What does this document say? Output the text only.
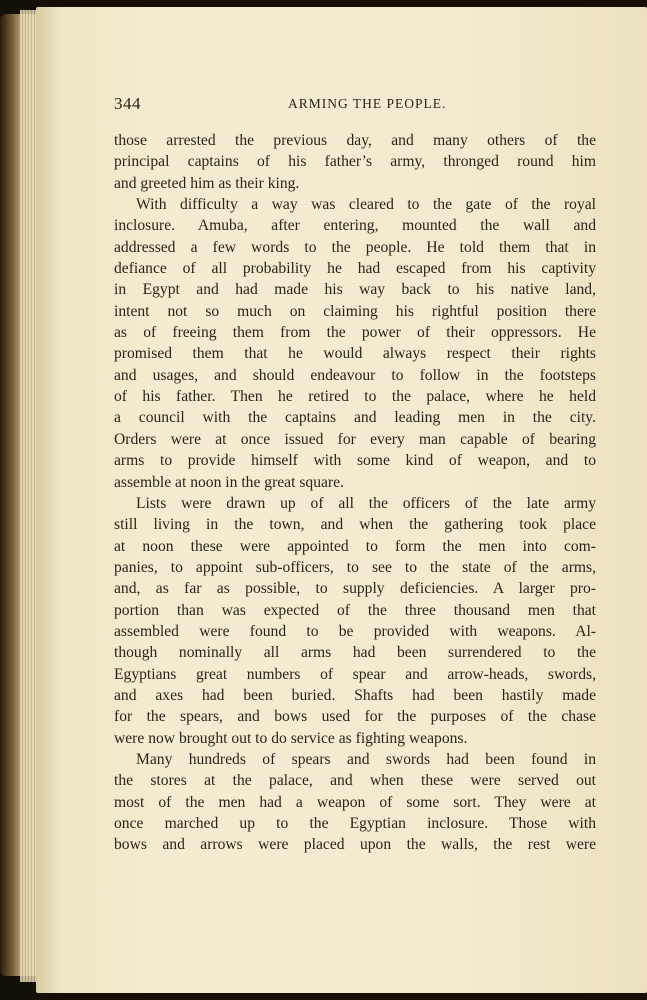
344	ARMING THE PEOPLE.
those arrested the previous day, and many others of the
principal captains of his father’s army, thronged round him
and greeted him as their king.
With difficulty a way was cleared to the gate of the royal
inclosure. Amuba, after entering, mounted the wall and
addressed a few words to the people. He told them that in
defiance of all probability he had escaped from his captivity
in Egypt and had made his way back to his native land,
intent not so much on claiming his rightful position there
as of freeing them from the power of their oppressors. He
promised them that he would always respect their rights
and usages, and should endeavour to follow in the footsteps
of his father. Then he retired to the palace, where he held
a council with the captains and leading men in the city.
Orders were at once issued for every man capable of bearing
arms to provide himself with some kind of weapon, and to
assemble at noon in the great square.
Lists were drawn up of all the officers of the late army
still living in the town, and when the gathering took place
at noon these were appointed to form the men into com-
panies, to appoint sub-officers, to see to the state of the arms,
and, as far as possible, to supply deficiencies. A larger pro-
portion than was expected of the three thousand men that
assembled were found to be provided with weapons. Al-
though nominally all arms had been surrendered to the
Egyptians great numbers of spear and arrow-heads, swords,
and axes had been buried. Shafts had been hastily made
for the spears, and bows used for the purposes of the chase
were now brought out to do service as fighting weapons.
Many hundreds of spears and swords had been found in
the stores at the palace, and when these were served out
most of the men had a weapon of some sort. They were at
once marched up to the Egyptian inclosure. Those with
bows and arrows were placed upon the walls, the rest were
